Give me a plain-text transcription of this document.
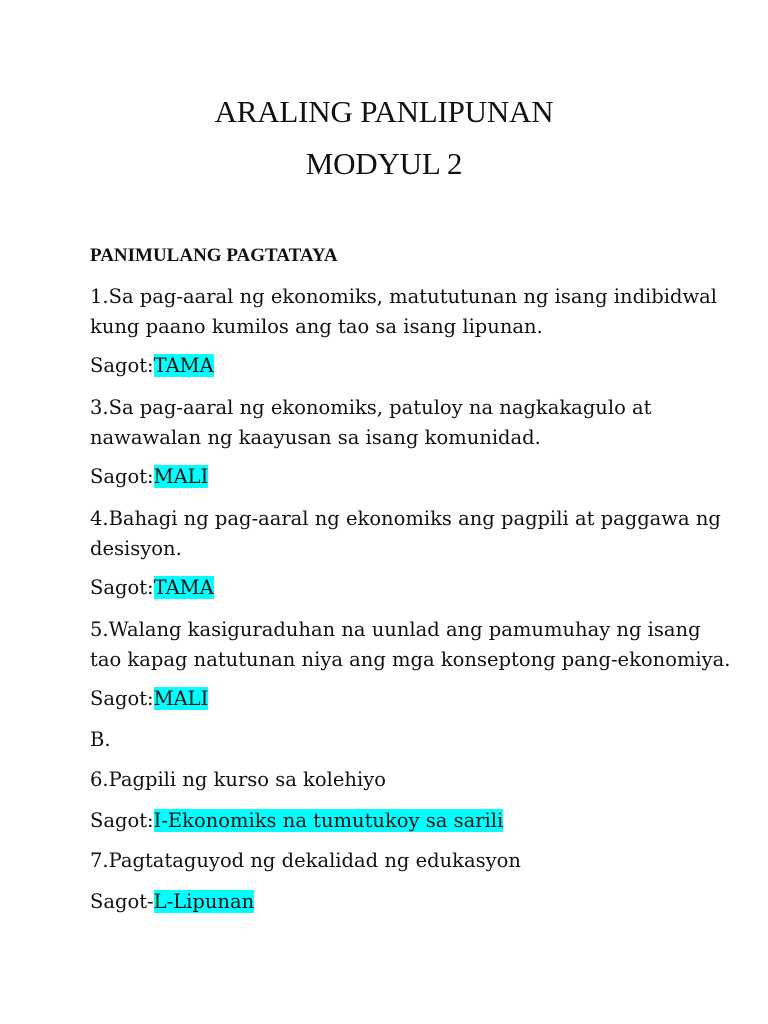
ARALING PANLIPUNAN
MODYUL 2

PANIMULANG PAGTATAYA

1.Sa pag-aaral ng ekonomiks, matututunan ng isang indibidwal

kung paano kumilos ang tao sa isang lipunan.

Sagot:TAMA

3.Sa pag-aaral ng ekonomiks, patuloy na nagkakagulo at

nawawalan ng kaayusan sa isang komunidad.

Sagot:MALI

4.Bahagi ng pag-aaral ng ekonomiks ang pagpili at paggawa ng

desisyon.

Sagot:TAMA

5.Walang kasiguraduhan na uunlad ang pamumuhay ng isang

tao kapag natutunan niya ang mga konseptong pang-ekonomiya.

Sagot:MALI

B.

6.Pagpili ng kurso sa kolehiyo

Sagot:I-Ekonomiks na tumutukoy sa sarili

7.Pagtataguyod ng dekalidad ng edukasyon

Sagot-L-Lipunan
